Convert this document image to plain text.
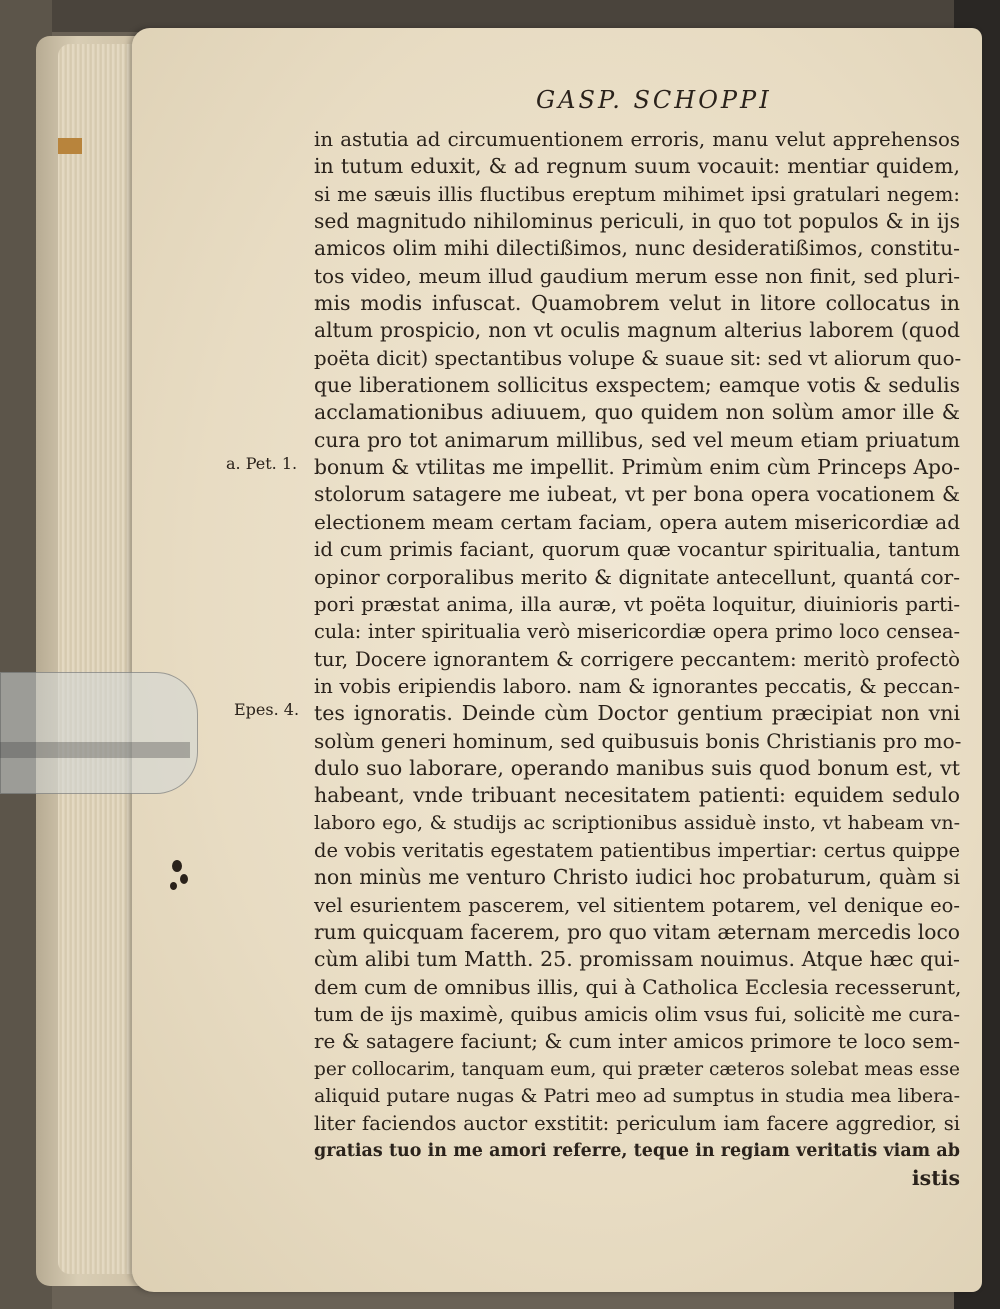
GASP. SCHOPPI
a. Pet. 1.
Epes. 4.
in astutia ad circumuentionem erroris, manu velut apprehensos
in tutum eduxit, & ad regnum suum vocauit: mentiar quidem,
si me sæuis illis fluctibus ereptum mihimet ipsi gratulari negem:
sed magnitudo nihilominus periculi, in quo tot populos & in ijs
amicos olim mihi dilectißimos, nunc desideratißimos, constitu-
tos video, meum illud gaudium merum esse non finit, sed pluri-
mis modis infuscat. Quamobrem velut in litore collocatus in
altum prospicio, non vt oculis magnum alterius laborem (quod
poëta dicit) spectantibus volupe & suaue sit: sed vt aliorum quo-
que liberationem sollicitus exspectem; eamque votis & sedulis
acclamationibus adiuuem, quo quidem non solùm amor ille &
cura pro tot animarum millibus, sed vel meum etiam priuatum
bonum & vtilitas me impellit. Primùm enim cùm Princeps Apo-
stolorum satagere me iubeat, vt per bona opera vocationem &
electionem meam certam faciam, opera autem misericordiæ ad
id cum primis faciant, quorum quæ vocantur spiritualia, tantum
opinor corporalibus merito & dignitate antecellunt, quantá cor-
pori præstat anima, illa auræ, vt poëta loquitur, diuinioris parti-
cula: inter spiritualia verò misericordiæ opera primo loco censea-
tur, Docere ignorantem & corrigere peccantem: meritò profectò
in vobis eripiendis laboro. nam & ignorantes peccatis, & peccan-
tes ignoratis. Deinde cùm Doctor gentium præcipiat non vni
solùm generi hominum, sed quibusuis bonis Christianis pro mo-
dulo suo laborare, operando manibus suis quod bonum est, vt
habeant, vnde tribuant necesitatem patienti: equidem sedulo
laboro ego, & studijs ac scriptionibus assiduè insto, vt habeam vn-
de vobis veritatis egestatem patientibus impertiar: certus quippe
non minùs me venturo Christo iudici hoc probaturum, quàm si
vel esurientem pascerem, vel sitientem potarem, vel denique eo-
rum quicquam facerem, pro quo vitam æternam mercedis loco
cùm alibi tum Matth. 25. promissam nouimus. Atque hæc qui-
dem cum de omnibus illis, qui à Catholica Ecclesia recesserunt,
tum de ijs maximè, quibus amicis olim vsus fui, solicitè me cura-
re & satagere faciunt; & cum inter amicos primore te loco sem-
per collocarim, tanquam eum, qui præter cæteros solebat meas esse
aliquid putare nugas & Patri meo ad sumptus in studia mea libera-
liter faciendos auctor exstitit: periculum iam facere aggredior, si
gratias tuo in me amori referre, teque in regiam veritatis viam ab
istis
